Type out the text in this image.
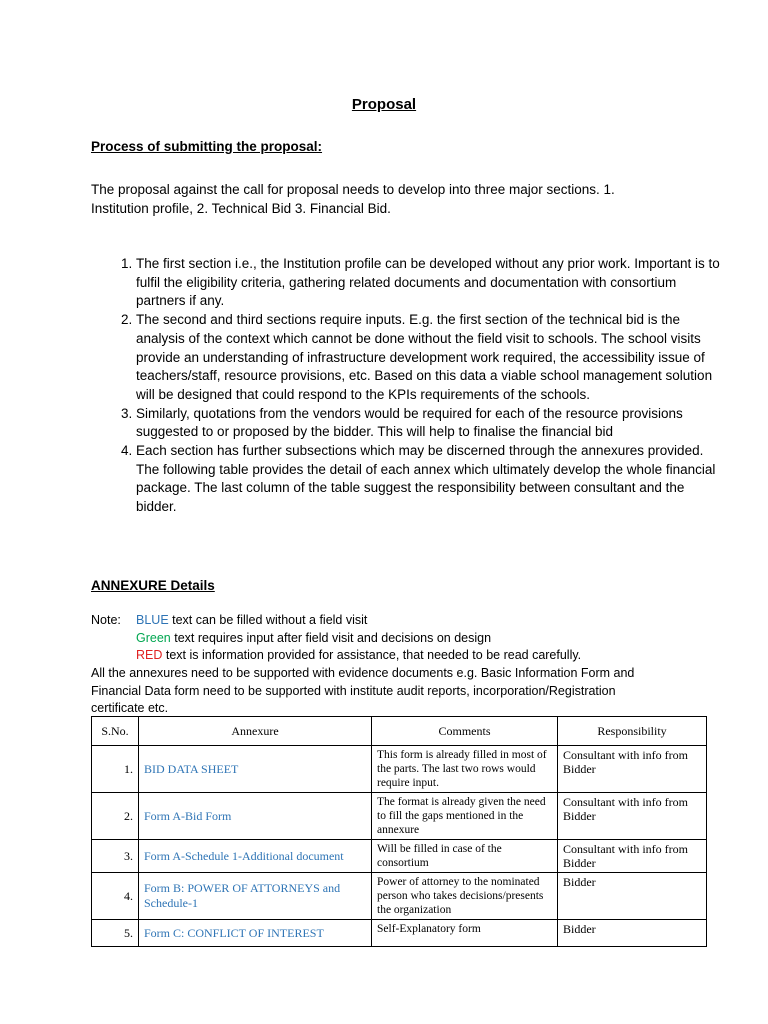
Proposal
Process of submitting the proposal:
The proposal against the call for proposal needs to develop into three major sections. 1. Institution profile, 2. Technical Bid 3. Financial Bid.
1. The first section i.e., the Institution profile can be developed without any prior work. Important is to fulfil the eligibility criteria, gathering related documents and documentation with consortium partners if any.
2. The second and third sections require inputs. E.g. the first section of the technical bid is the analysis of the context which cannot be done without the field visit to schools. The school visits provide an understanding of infrastructure development work required, the accessibility issue of teachers/staff, resource provisions, etc. Based on this data a viable school management solution will be designed that could respond to the KPIs requirements of the schools.
3. Similarly, quotations from the vendors would be required for each of the resource provisions suggested to or proposed by the bidder. This will help to finalise the financial bid
4. Each section has further subsections which may be discerned through the annexures provided. The following table provides the detail of each annex which ultimately develop the whole financial package. The last column of the table suggest the responsibility between consultant and the bidder.
ANNEXURE Details
Note: BLUE text can be filled without a field visit
Green text requires input after field visit and decisions on design
RED text is information provided for assistance, that needed to be read carefully.
All the annexures need to be supported with evidence documents e.g. Basic Information Form and Financial Data form need to be supported with institute audit reports, incorporation/Registration certificate etc.
S.No.	Annexure	Comments	Responsibility
1.	BID DATA SHEET	This form is already filled in most of the parts. The last two rows would require input.	Consultant with info from Bidder
2.	Form A-Bid Form	The format is already given the need to fill the gaps mentioned in the annexure	Consultant with info from Bidder
3.	Form A-Schedule 1-Additional document	Will be filled in case of the consortium	Consultant with info from Bidder
4.	Form B: POWER OF ATTORNEYS and Schedule-1	Power of attorney to the nominated person who takes decisions/presents the organization	Bidder
5.	Form C: CONFLICT OF INTEREST	Self-Explanatory form	Bidder
